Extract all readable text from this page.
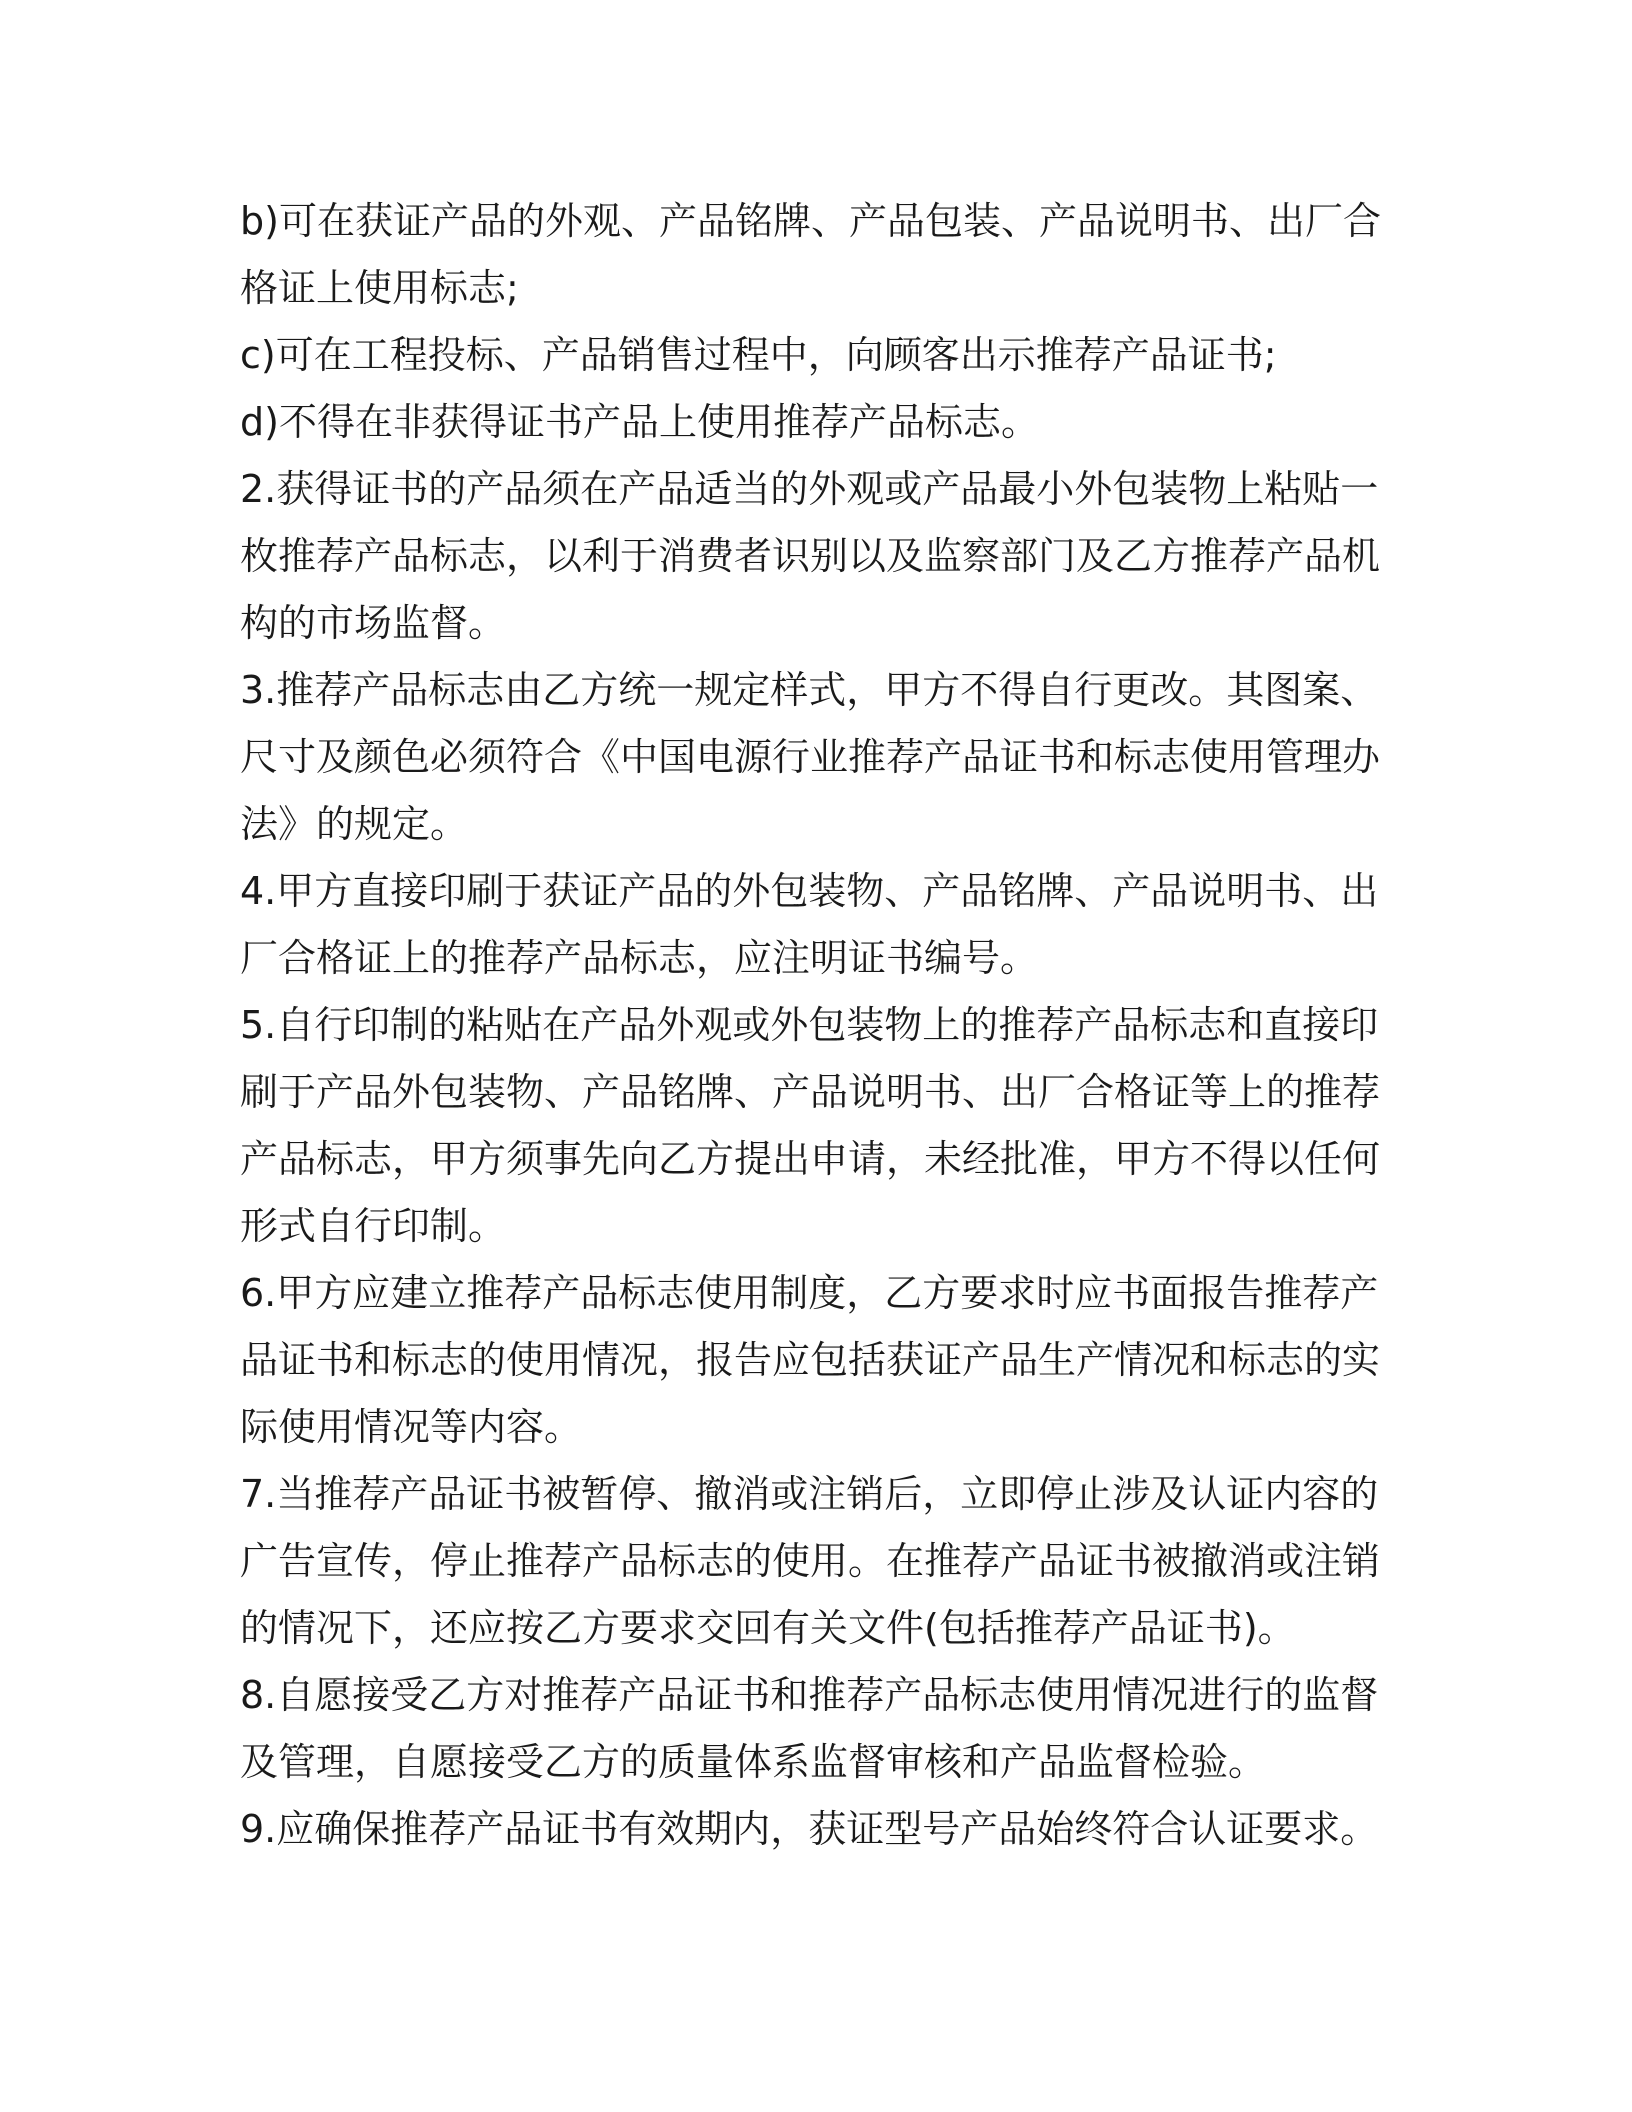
b)可在获证产品的外观、产品铭牌、产品包装、产品说明书、出厂合
格证上使用标志;

c)可在工程投标、产品销售过程中，向顾客出示推荐产品证书;

d)不得在非获得证书产品上使用推荐产品标志。

2.获得证书的产品须在产品适当的外观或产品最小外包装物上粘贴一
枚推荐产品标志，以利于消费者识别以及监察部门及乙方推荐产品机
构的市场监督。

3.推荐产品标志由乙方统一规定样式，甲方不得自行更改。其图案、
尺寸及颜色必须符合《中国电源行业推荐产品证书和标志使用管理办
法》的规定。

4.甲方直接印刷于获证产品的外包装物、产品铭牌、产品说明书、出
厂合格证上的推荐产品标志，应注明证书编号。

5.自行印制的粘贴在产品外观或外包装物上的推荐产品标志和直接印
刷于产品外包装物、产品铭牌、产品说明书、出厂合格证等上的推荐
产品标志，甲方须事先向乙方提出申请，未经批准，甲方不得以任何
形式自行印制。

6.甲方应建立推荐产品标志使用制度，乙方要求时应书面报告推荐产
品证书和标志的使用情况，报告应包括获证产品生产情况和标志的实
际使用情况等内容。

7.当推荐产品证书被暂停、撤消或注销后，立即停止涉及认证内容的
广告宣传，停止推荐产品标志的使用。在推荐产品证书被撤消或注销
的情况下，还应按乙方要求交回有关文件(包括推荐产品证书)。

8.自愿接受乙方对推荐产品证书和推荐产品标志使用情况进行的监督
及管理，自愿接受乙方的质量体系监督审核和产品监督检验。

9.应确保推荐产品证书有效期内，获证型号产品始终符合认证要求。
